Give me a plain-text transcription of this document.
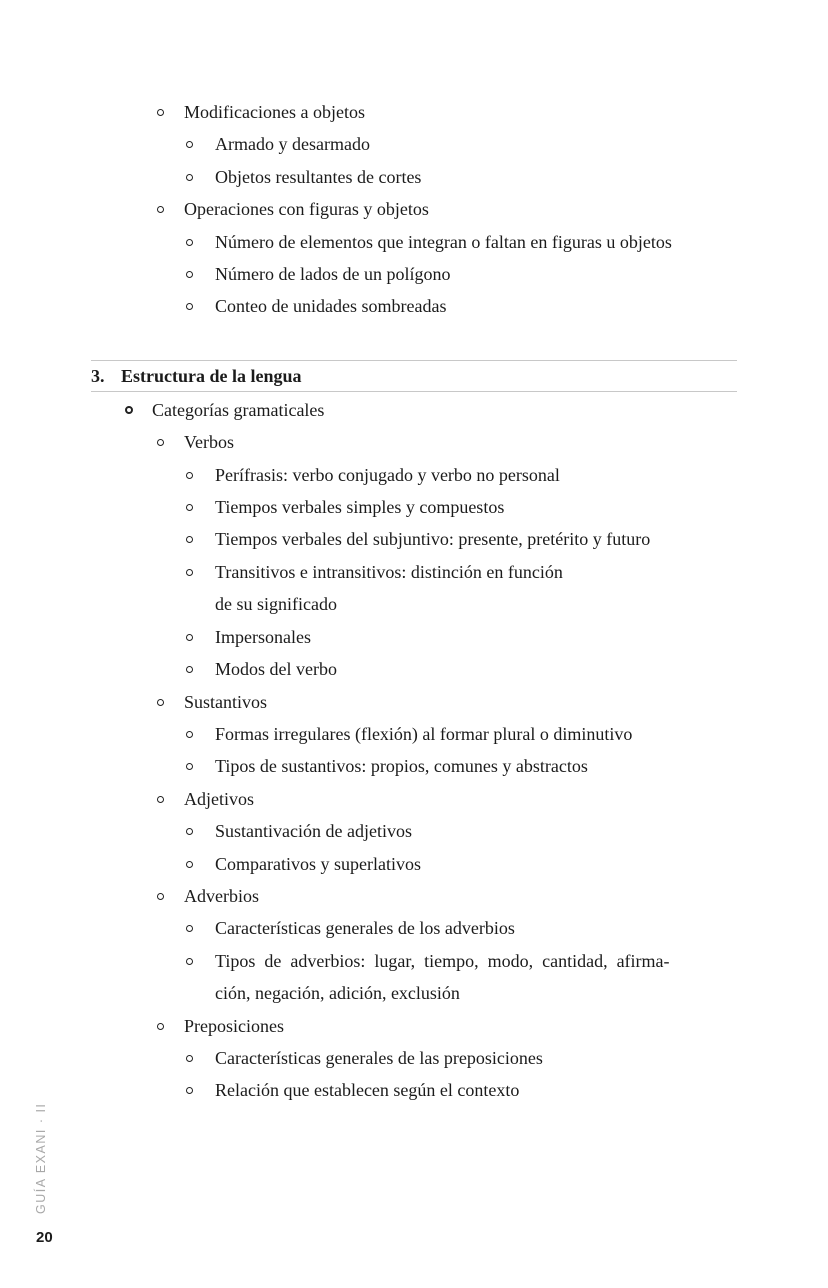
Modificaciones a objetos
Armado y desarmado
Objetos resultantes de cortes
Operaciones con figuras y objetos
Número de elementos que integran o faltan en figuras u objetos
Número de lados de un polígono
Conteo de unidades sombreadas
3. Estructura de la lengua
Categorías gramaticales
Verbos
Perífrasis: verbo conjugado y verbo no personal
Tiempos verbales simples y compuestos
Tiempos verbales del subjuntivo: presente, pretérito y futuro
Transitivos e intransitivos: distinción en función
de su significado
Impersonales
Modos del verbo
Sustantivos
Formas irregulares (flexión) al formar plural o diminutivo
Tipos de sustantivos: propios, comunes y abstractos
Adjetivos
Sustantivación de adjetivos
Comparativos y superlativos
Adverbios
Características generales de los adverbios
Tipos de adverbios: lugar, tiempo, modo, cantidad, afirma-
ción, negación, adición, exclusión
Preposiciones
Características generales de las preposiciones
Relación que establecen según el contexto
GUÍA EXANI · II
20
